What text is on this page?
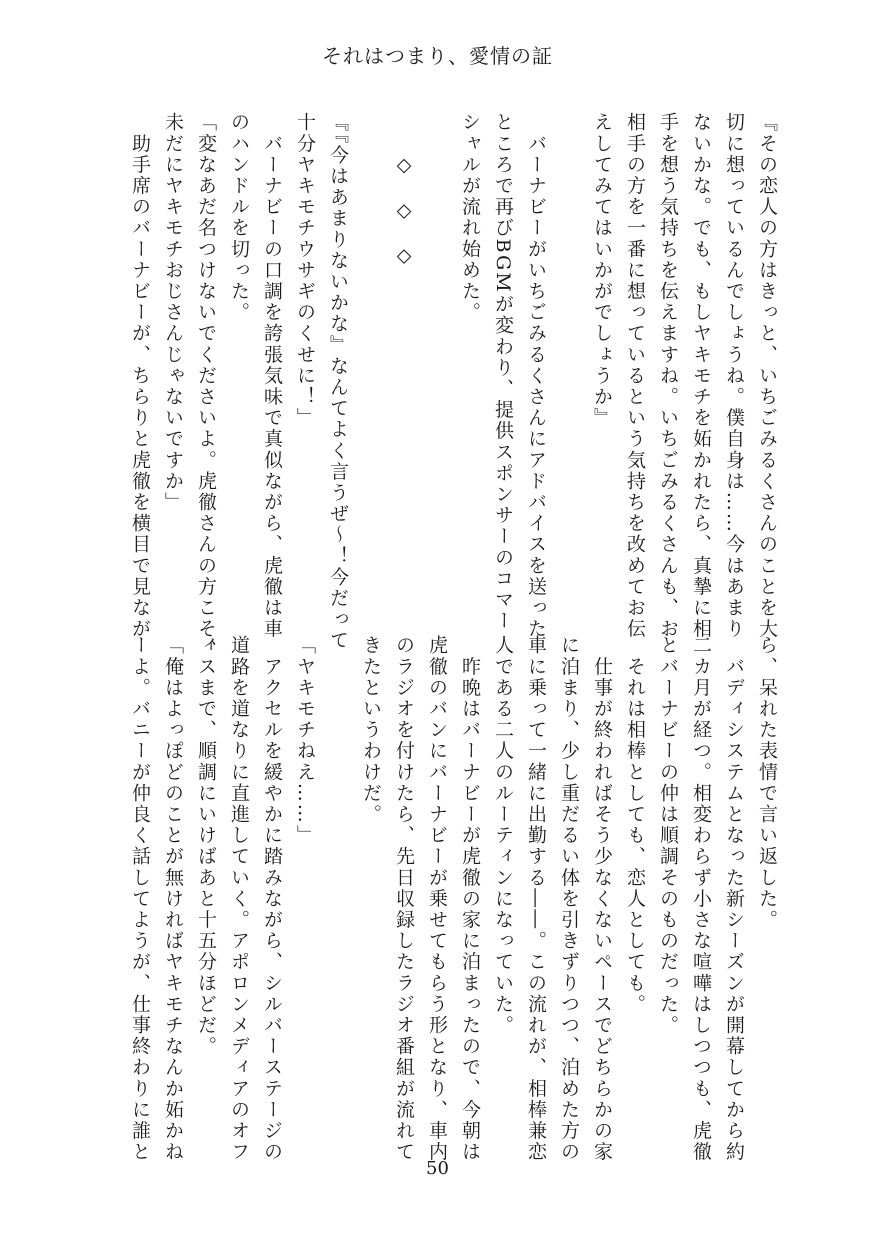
それはつまり、愛情の証
『その恋人の方はきっと、いちごみるくさんのことを大
切に想っているんでしょうね。僕自身は……今はあまり
ないかな。でも、もしヤキモチを妬かれたら、真摯に相
手を想う気持ちを伝えますね。いちごみるくさんも、お
相手の方を一番に想っているという気持ちを改めてお伝
えしてみてはいかがでしょうか』

　バーナビーがいちごみるくさんにアドバイスを送った
ところで再びBGMが変わり、提供スポンサーのコマー
シャルが流れ始めた。

　　◇　◇　◇

『『今はあまりないかな』なんてよく言うぜ～！今だって
十分ヤキモチウサギのくせに！」
　バーナビーの口調を誇張気味で真似ながら、虎徹は車
のハンドルを切った。
「変なあだ名つけないでくださいよ。虎徹さんの方こそ、
未だにヤキモチおじさんじゃないですか」
　助手席のバーナビーが、ちらりと虎徹を横目で見なが
ら、呆れた表情で言い返した。
　バディシステムとなった新シーズンが開幕してから約
二カ月が経つ。相変わらず小さな喧嘩はしつつも、虎徹
とバーナビーの仲は順調そのものだった。
　それは相棒としても、恋人としても。
　仕事が終わればそう少なくないペースでどちらかの家
に泊まり、少し重だるい体を引きずりつつ、泊めた方の
車に乗って一緒に出勤する――。この流れが、相棒兼恋
人である二人のルーティンになっていた。
　昨晩はバーナビーが虎徹の家に泊まったので、今朝は
虎徹のバンにバーナビーが乗せてもらう形となり、車内
のラジオを付けたら、先日収録したラジオ番組が流れて
きたというわけだ。

「ヤキモチねえ……」
　アクセルを緩やかに踏みながら、シルバーステージの
道路を道なりに直進していく。アポロンメディアのオフ
ィスまで、順調にいけばあと十五分ほどだ。
「俺はよっぽどのことが無ければヤキモチなんか妬かね
ーよ。バニーが仲良く話してようが、仕事終わりに誰と
50
